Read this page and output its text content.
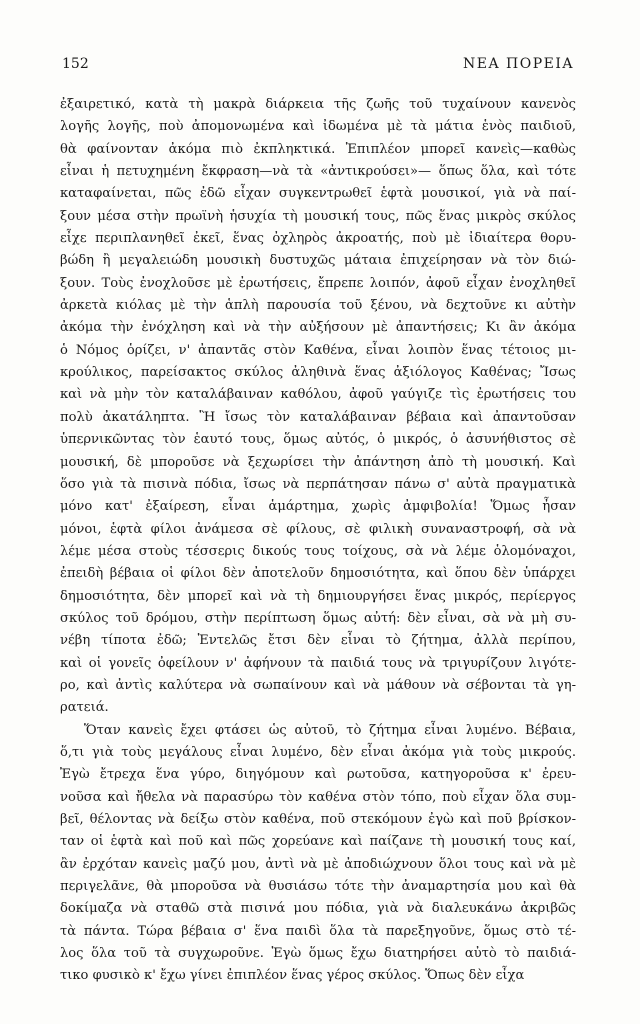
152	ΝΕΑ ΠΟΡΕΙΑ
ἐξαιρετικό, κατὰ τὴ μακρὰ διάρκεια τῆς ζωῆς τοῦ τυχαίνουν κανενὸς
λογῆς λογῆς, ποὺ ἀπομονωμένα καὶ ἰδωμένα μὲ τὰ μάτια ἑνὸς παιδιοῦ,
θὰ φαίνονταν ἀκόμα πιὸ ἐκπληκτικά. Ἐπιπλέον μπορεῖ κανεὶς—καθὼς
εἶναι ἡ πετυχημένη ἔκφραση—νὰ τὰ «ἀντικρούσει»— ὅπως ὅλα, καὶ τότε
καταφαίνεται, πῶς ἐδῶ εἶχαν συγκεντρωθεῖ ἑφτὰ μουσικοί, γιὰ νὰ παί-
ξουν μέσα στὴν πρωϊνὴ ἡσυχία τὴ μουσική τους, πῶς ἕνας μικρὸς σκύλος
εἶχε περιπλανηθεῖ ἐκεῖ, ἕνας ὀχληρὸς ἀκροατής, ποὺ μὲ ἰδιαίτερα θορυ-
βώδη ἢ μεγαλειώδη μουσικὴ δυστυχῶς μάταια ἐπιχείρησαν νὰ τὸν διώ-
ξουν. Τοὺς ἐνοχλοῦσε μὲ ἐρωτήσεις, ἔπρεπε λοιπόν, ἀφοῦ εἶχαν ἐνοχληθεῖ
ἀρκετὰ κιόλας μὲ τὴν ἁπλὴ παρουσία τοῦ ξένου, νὰ δεχτοῦνε κι αὐτὴν
ἀκόμα τὴν ἐνόχληση καὶ νὰ τὴν αὐξήσουν μὲ ἀπαντήσεις; Κι ἂν ἀκόμα
ὁ Νόμος ὁρίζει, ν' ἀπαντᾶς στὸν Καθένα, εἶναι λοιπὸν ἕνας τέτοιος μι-
κρούλικος, παρείσακτος σκύλος ἀληθινὰ ἕνας ἀξιόλογος Καθένας; Ἴσως
καὶ νὰ μὴν τὸν καταλάβαιναν καθόλου, ἀφοῦ γαύγιζε τὶς ἐρωτήσεις του
πολὺ ἀκατάληπτα. Ἢ ἴσως τὸν καταλάβαιναν βέβαια καὶ ἀπαντοῦσαν
ὑπερνικῶντας τὸν ἑαυτό τους, ὅμως αὐτός, ὁ μικρός, ὁ ἀσυνήθιστος σὲ
μουσική, δὲ μποροῦσε νὰ ξεχωρίσει τὴν ἀπάντηση ἀπὸ τὴ μουσική. Καὶ
ὅσο γιὰ τὰ πισινὰ πόδια, ἴσως νὰ περπάτησαν πάνω σ' αὐτὰ πραγματικὰ
μόνο κατ' ἐξαίρεση, εἶναι ἁμάρτημα, χωρὶς ἀμφιβολία! Ὅμως ἦσαν
μόνοι, ἑφτὰ φίλοι ἀνάμεσα σὲ φίλους, σὲ φιλικὴ συναναστροφή, σὰ νὰ
λέμε μέσα στοὺς τέσσερις δικούς τους τοίχους, σὰ νὰ λέμε ὁλομόναχοι,
ἐπειδὴ βέβαια οἱ φίλοι δὲν ἀποτελοῦν δημοσιότητα, καὶ ὅπου δὲν ὑπάρχει
δημοσιότητα, δὲν μπορεῖ καὶ νὰ τὴ δημιουργήσει ἕνας μικρός, περίεργος
σκύλος τοῦ δρόμου, στὴν περίπτωση ὅμως αὐτή: δὲν εἶναι, σὰ νὰ μὴ συ-
νέβη τίποτα ἐδῶ; Ἐντελῶς ἔτσι δὲν εἶναι τὸ ζήτημα, ἀλλὰ περίπου,
καὶ οἱ γονεῖς ὀφείλουν ν' ἀφήνουν τὰ παιδιά τους νὰ τριγυρίζουν λιγότε-
ρο, καὶ ἀντὶς καλύτερα νὰ σωπαίνουν καὶ νὰ μάθουν νὰ σέβονται τὰ γη-
ρατειά.
Ὅταν κανεὶς ἔχει φτάσει ὡς αὐτοῦ, τὸ ζήτημα εἶναι λυμένο. Βέβαια,
ὅ,τι γιὰ τοὺς μεγάλους εἶναι λυμένο, δὲν εἶναι ἀκόμα γιὰ τοὺς μικρούς.
Ἐγὼ ἔτρεχα ἕνα γύρο, διηγόμουν καὶ ρωτοῦσα, κατηγοροῦσα κ' ἐρευ-
νοῦσα καὶ ἤθελα νὰ παρασύρω τὸν καθένα στὸν τόπο, ποὺ εἶχαν ὅλα συμ-
βεῖ, θέλοντας νὰ δείξω στὸν καθένα, ποῦ στεκόμουν ἐγὼ καὶ ποῦ βρίσκον-
ταν οἱ ἑφτὰ καὶ ποῦ καὶ πῶς χορεύανε καὶ παίζανε τὴ μουσική τους καί,
ἂν ἐρχόταν κανεὶς μαζύ μου, ἀντὶ νὰ μὲ ἀποδιώχνουν ὅλοι τους καὶ νὰ μὲ
περιγελᾶνε, θὰ μποροῦσα νὰ θυσιάσω τότε τὴν ἀναμαρτησία μου καὶ θὰ
δοκίμαζα νὰ σταθῶ στὰ πισινά μου πόδια, γιὰ νὰ διαλευκάνω ἀκριβῶς
τὰ πάντα. Τώρα βέβαια σ' ἕνα παιδὶ ὅλα τὰ παρεξηγοῦνε, ὅμως στὸ τέ-
λος ὅλα τοῦ τὰ συγχωροῦνε. Ἐγὼ ὅμως ἔχω διατηρήσει αὐτὸ τὸ παιδιά-
τικο φυσικὸ κ' ἔχω γίνει ἐπιπλέον ἕνας γέρος σκύλος. Ὅπως δὲν εἶχα
